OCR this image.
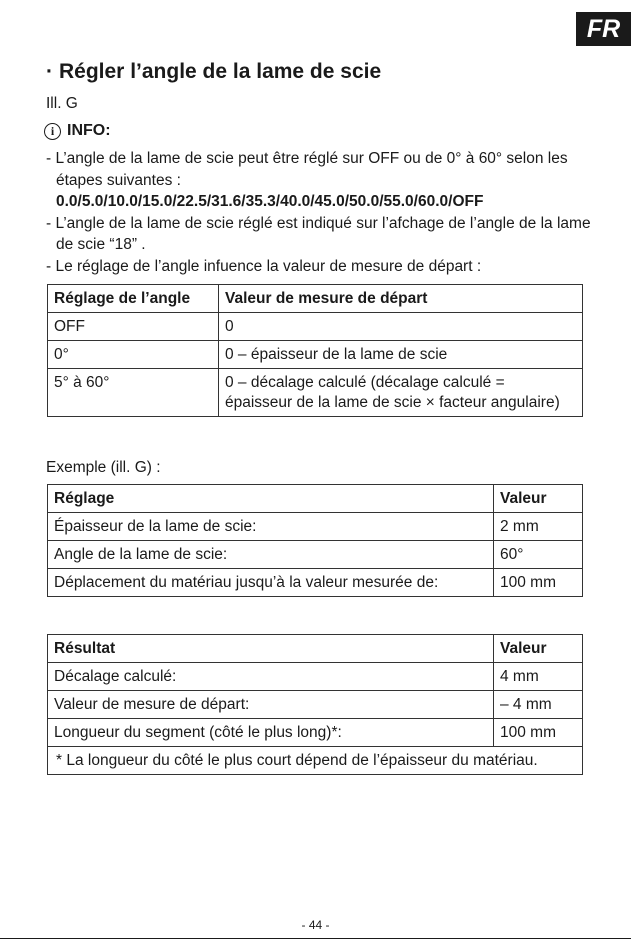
FR
· Régler l’angle de la lame de scie
Ill. G
i INFO:
- L’angle de la lame de scie peut être réglé sur OFF ou de 0° à 60° selon les étapes suivantes :
0.0/5.0/10.0/15.0/22.5/31.6/35.3/40.0/45.0/50.0/55.0/60.0/OFF
- L’angle de la lame de scie réglé est indiqué sur l’afchage de l’angle de la lame de scie “18” .
- Le réglage de l’angle infuence la valeur de mesure de départ :
Réglage de l’angle	Valeur de mesure de départ
OFF	0
0°	0 – épaisseur de la lame de scie
5° à 60°	0 – décalage calculé (décalage calculé = épaisseur de la lame de scie × facteur angulaire)
Exemple (ill. G) :
Réglage	Valeur
Épaisseur de la lame de scie:	2 mm
Angle de la lame de scie:	60°
Déplacement du matériau jusqu’à la valeur mesurée de:	100 mm
Résultat	Valeur
Décalage calculé:	4 mm
Valeur de mesure de départ:	– 4 mm
Longueur du segment (côté le plus long)*:	100 mm

* La longueur du côté le plus court dépend de l’épaisseur du matériau.	
- 44 -
